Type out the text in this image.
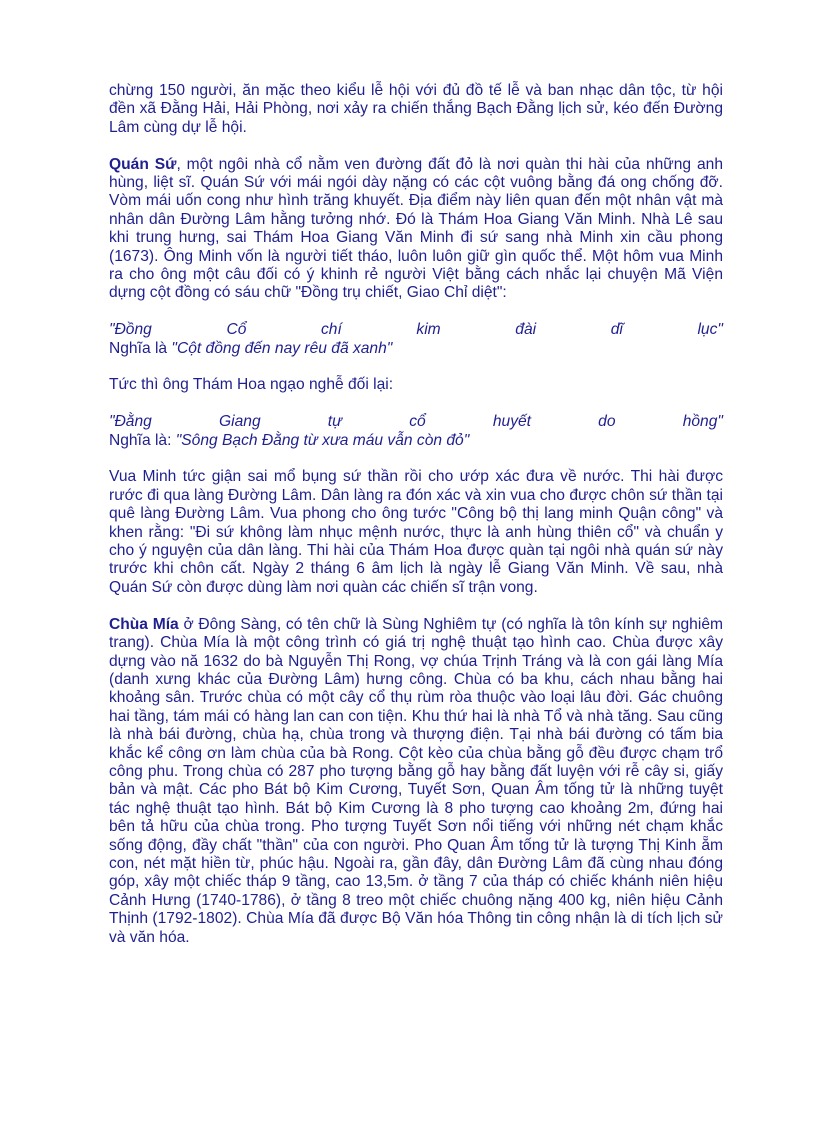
chừng 150 người, ăn mặc theo kiểu lễ hội với đủ đồ tế lễ và ban nhạc dân tộc, từ hội đền xã Đằng Hải, Hải Phòng, nơi xảy ra chiến thắng Bạch Đằng lịch sử, kéo đến Đường Lâm cùng dự lễ hội.

Quán Sứ, một ngôi nhà cổ nằm ven đường đất đỏ là nơi quàn thi hài của những anh hùng, liệt sĩ. Quán Sứ với mái ngói dày nặng có các cột vuông bằng đá ong chống đỡ. Vòm mái uốn cong như hình trăng khuyết. Địa điểm này liên quan đến một nhân vật mà nhân dân Đường Lâm hằng tưởng nhớ. Đó là Thám Hoa Giang Văn Minh. Nhà Lê sau khi trung hưng, sai Thám Hoa Giang Văn Minh đi sứ sang nhà Minh xin cầu phong (1673). Ông Minh vốn là người tiết tháo, luôn luôn giữ gìn quốc thể. Một hôm vua Minh ra cho ông một câu đối có ý khinh rẻ người Việt bằng cách nhắc lại chuyện Mã Viện dựng cột đồng có sáu chữ "Đồng trụ chiết, Giao Chỉ diệt":

"Đồng	Cổ	chí	kim	đài	dĩ	lục"

Nghĩa là "Cột đồng đến nay rêu đã xanh"

Tức thì ông Thám Hoa ngạo nghễ đối lại:

"Đằng	Giang	tự	cổ	huyết	do	hồng"

Nghĩa là: "Sông Bạch Đằng từ xưa máu vẫn còn đỏ"

Vua Minh tức giận sai mổ bụng sứ thần rồi cho ướp xác đưa về nước. Thi hài được rước đi qua làng Đường Lâm. Dân làng ra đón xác và xin vua cho được chôn sứ thần tại quê làng Đường Lâm. Vua phong cho ông tước "Công bộ thị lang minh Quận công" và khen rằng: "Đi sứ không làm nhục mệnh nước, thực là anh hùng thiên cổ" và chuẩn y cho ý nguyện của dân làng. Thi hài của Thám Hoa được quàn tại ngôi nhà quán sứ này trước khi chôn cất. Ngày 2 tháng 6 âm lịch là ngày lễ Giang Văn Minh. Về sau, nhà Quán Sứ còn được dùng làm nơi quàn các chiến sĩ trận vong.

Chùa Mía ở Đông Sàng, có tên chữ là Sùng Nghiêm tự (có nghĩa là tôn kính sự nghiêm trang). Chùa Mía là một công trình có giá trị nghệ thuật tạo hình cao. Chùa được xây dựng vào nă 1632 do bà Nguyễn Thị Rong, vợ chúa Trịnh Tráng và là con gái làng Mía (danh xưng khác của Đường Lâm) hưng công. Chùa có ba khu, cách nhau bằng hai khoảng sân. Trước chùa có một cây cổ thụ rùm ròa thuộc vào loại lâu đời. Gác chuông hai tầng, tám mái có hàng lan can con tiện. Khu thứ hai là nhà Tổ và nhà tăng. Sau cũng là nhà bái đường, chùa hạ, chùa trong và thượng điện. Tại nhà bái đường có tấm bia khắc kể công ơn làm chùa của bà Rong. Cột kèo của chùa bằng gỗ đều được chạm trổ công phu. Trong chùa có 287 pho tượng bằng gỗ hay bằng đất luyện với rễ cây si, giấy bản và mật. Các pho Bát bộ Kim Cương, Tuyết Sơn, Quan Âm tống tử là những tuyệt tác nghệ thuật tạo hình. Bát bộ Kim Cương là 8 pho tượng cao khoảng 2m, đứng hai bên tả hữu của chùa trong. Pho tượng Tuyết Sơn nổi tiếng với những nét chạm khắc sống động, đầy chất "thần" của con người. Pho Quan Âm tống tử là tượng Thị Kinh ẵm con, nét mặt hiền từ, phúc hậu. Ngoài ra, gần đây, dân Đường Lâm đã cùng nhau đóng góp, xây một chiếc tháp 9 tầng, cao 13,5m. ở tầng 7 của tháp có chiếc khánh niên hiệu Cảnh Hưng (1740-1786), ở tầng 8 treo một chiếc chuông nặng 400 kg, niên hiệu Cảnh Thịnh (1792-1802). Chùa Mía đã được Bộ Văn hóa Thông tin công nhận là di tích lịch sử và văn hóa.
